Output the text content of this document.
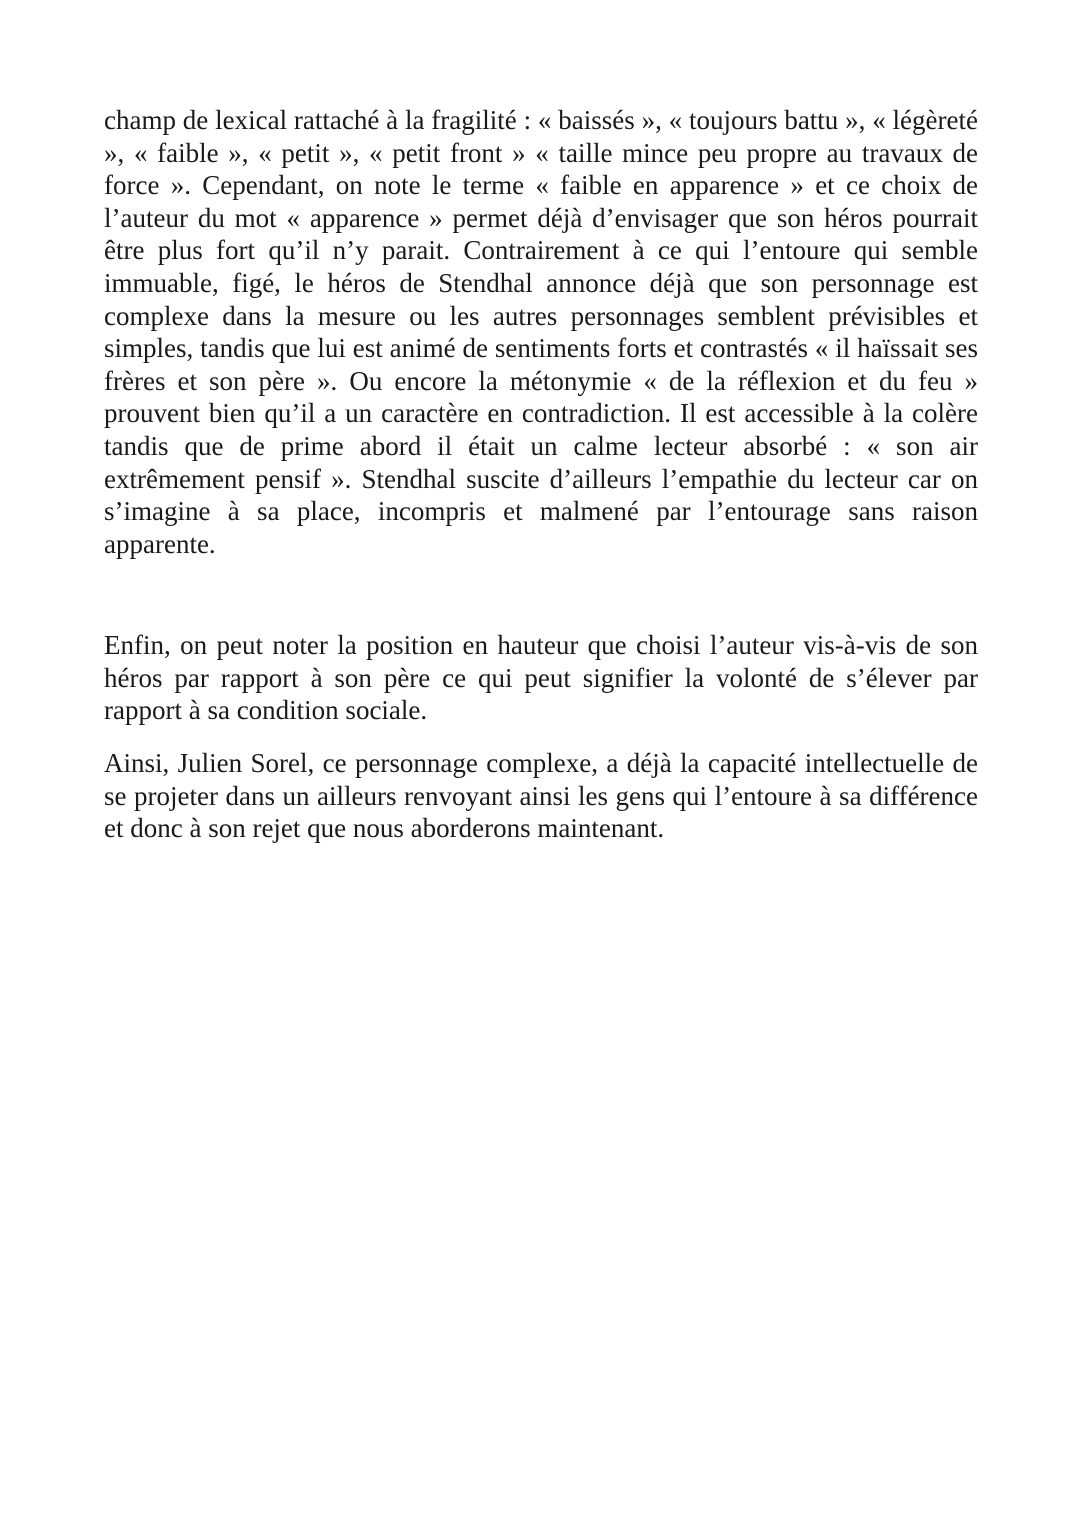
champ de lexical rattaché à la fragilité : « baissés », « toujours battu », « légèreté », « faible », « petit », « petit front » « taille mince peu propre au travaux de force ». Cependant, on note le terme « faible en apparence » et ce choix de l’auteur du mot « apparence » permet déjà d’envisager que son héros pourrait être plus fort qu’il n’y parait. Contrairement à ce qui l’entoure qui semble immuable, figé, le héros de Stendhal annonce déjà que son personnage est complexe dans la mesure ou les autres personnages semblent prévisibles et simples, tandis que lui est animé de sentiments forts et contrastés « il haïssait ses frères et son père ». Ou encore la métonymie « de la réflexion et du feu » prouvent bien qu’il a un caractère en contradiction. Il est accessible à la colère tandis que de prime abord il était un calme lecteur absorbé : « son air extrêmement pensif ». Stendhal suscite d’ailleurs l’empathie du lecteur car on s’imagine à sa place, incompris et malmené par l’entourage sans raison apparente.

Enfin, on peut noter la position en hauteur que choisi l’auteur vis-à-vis de son héros par rapport à son père ce qui peut signifier la volonté de s’élever par rapport à sa condition sociale.

Ainsi, Julien Sorel, ce personnage complexe, a déjà la capacité intellectuelle de se projeter dans un ailleurs renvoyant ainsi les gens qui l’entoure à sa différence et donc à son rejet que nous aborderons maintenant.
